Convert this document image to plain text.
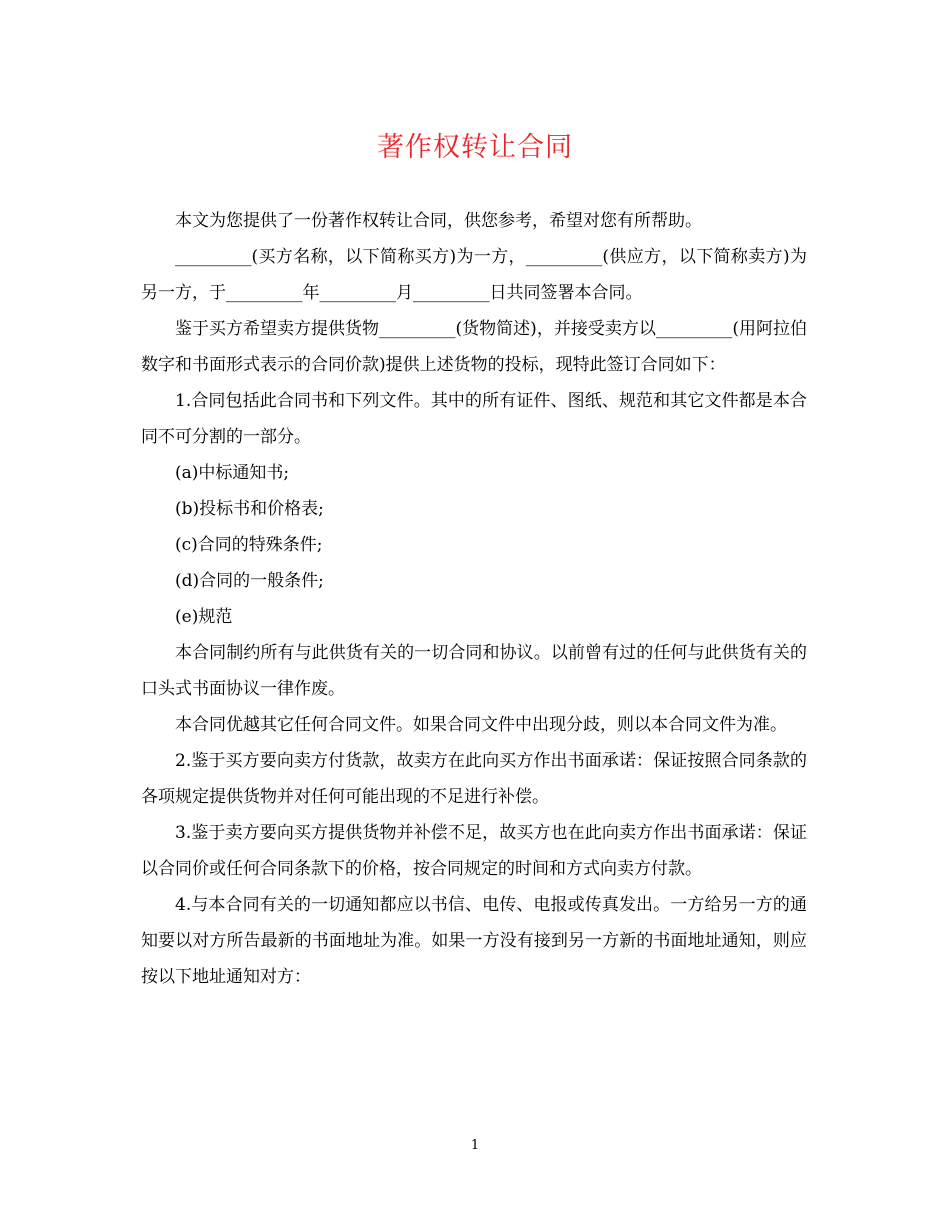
著作权转让合同

本文为您提供了一份著作权转让合同，供您参考，希望对您有所帮助。

_________(买方名称，以下简称买方)为一方，_________(供应方，以下简称卖方)为另一方，于_________年_________月_________日共同签署本合同。

鉴于买方希望卖方提供货物_________(货物简述)，并接受卖方以_________(用阿拉伯数字和书面形式表示的合同价款)提供上述货物的投标，现特此签订合同如下：

1.合同包括此合同书和下列文件。其中的所有证件、图纸、规范和其它文件都是本合同不可分割的一部分。

(a)中标通知书;

(b)投标书和价格表;

(c)合同的特殊条件;

(d)合同的一般条件;

(e)规范

本合同制约所有与此供货有关的一切合同和协议。以前曾有过的任何与此供货有关的口头式书面协议一律作废。

本合同优越其它任何合同文件。如果合同文件中出现分歧，则以本合同文件为准。

2.鉴于买方要向卖方付货款，故卖方在此向买方作出书面承诺：保证按照合同条款的各项规定提供货物并对任何可能出现的不足进行补偿。

3.鉴于卖方要向买方提供货物并补偿不足，故买方也在此向卖方作出书面承诺：保证以合同价或任何合同条款下的价格，按合同规定的时间和方式向卖方付款。

4.与本合同有关的一切通知都应以书信、电传、电报或传真发出。一方给另一方的通知要以对方所告最新的书面地址为准。如果一方没有接到另一方新的书面地址通知，则应按以下地址通知对方：

1
